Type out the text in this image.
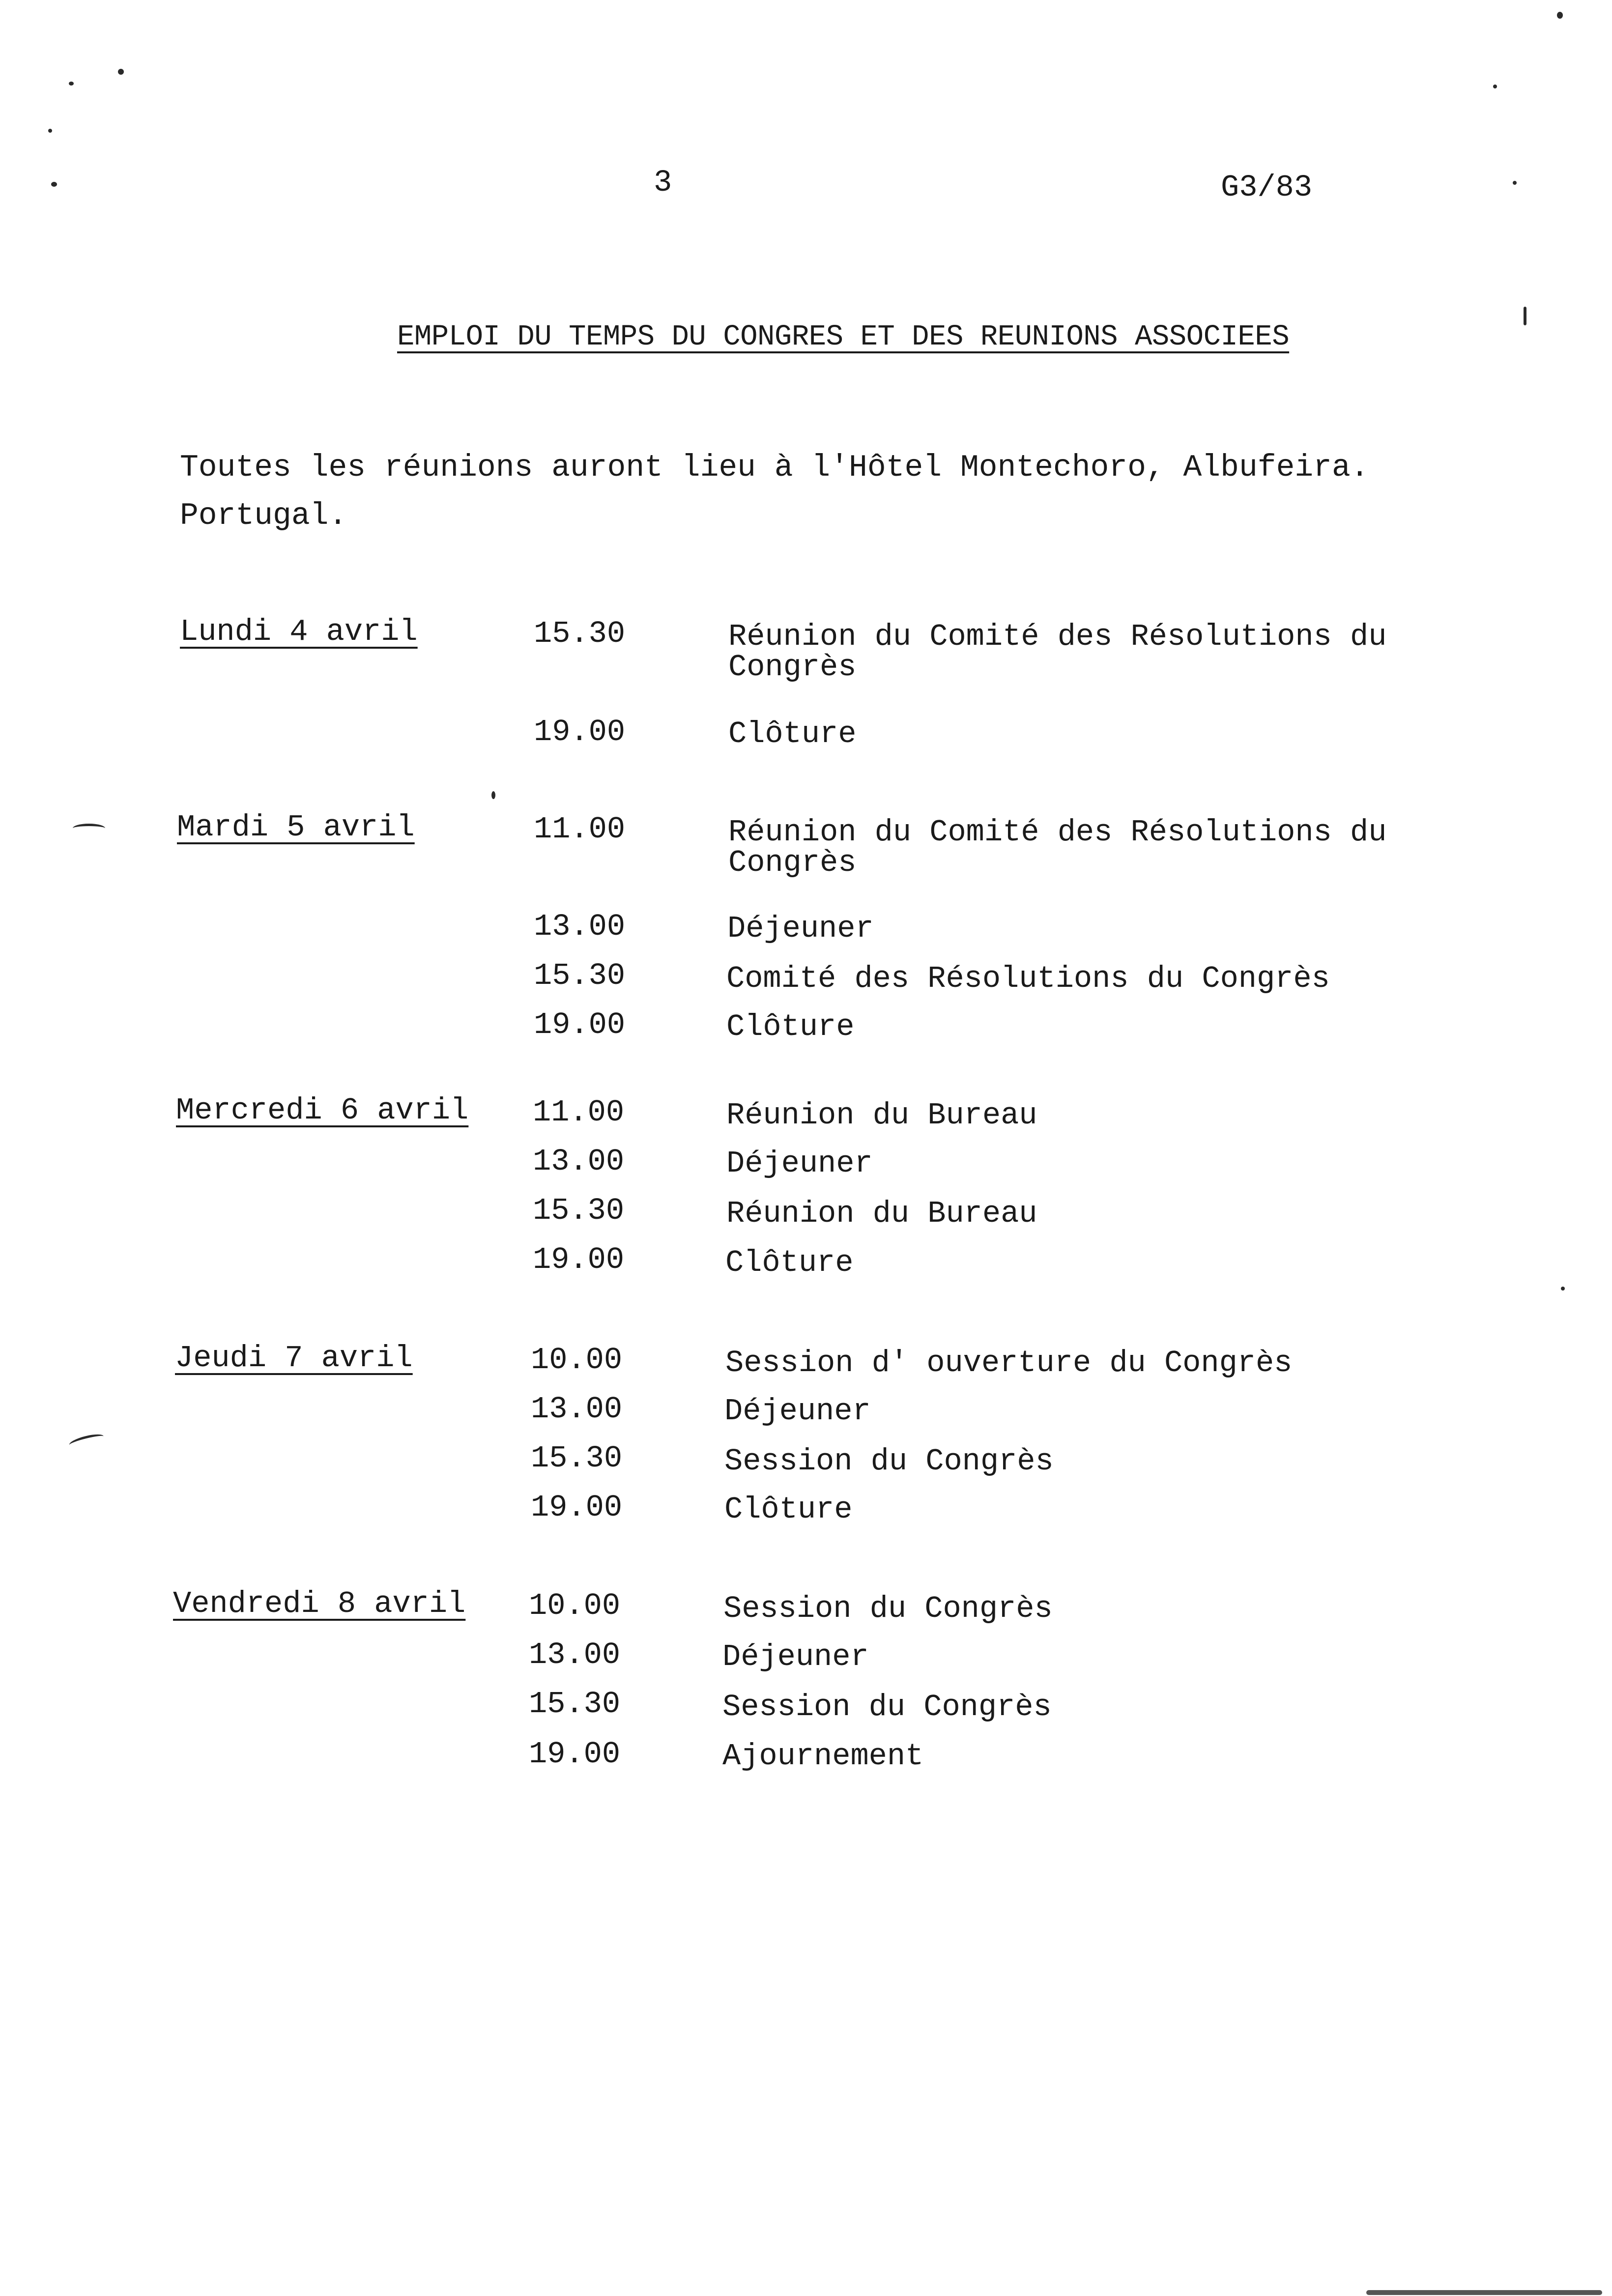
3	G3/83
EMPLOI DU TEMPS DU CONGRES ET DES REUNIONS ASSOCIEES
Toutes les réunions auront lieu à l'Hôtel Montechoro, Albufeira.
Portugal.
Lundi 4 avril	15.30	Réunion du Comité des Résolutions du
Congrès
19.00	Clôture
Mardi 5 avril	11.00	Réunion du Comité des Résolutions du
Congrès
13.00	Déjeuner
15.30	Comité des Résolutions du Congrès
19.00	Clôture
Mercredi 6 avril 11.00	Réunion du Bureau
13.00	Déjeuner
15.30	Réunion du Bureau
19.00	Clôture
Jeudi 7 avril	10.00	Session d' ouverture du Congrès
13.00	Déjeuner
15.30	Session du Congrès
19.00	Clôture
Vendredi 8 avril 10.00	Session du Congrès
13.00	Déjeuner
15.30	Session du Congrès
19.00	Ajournement
